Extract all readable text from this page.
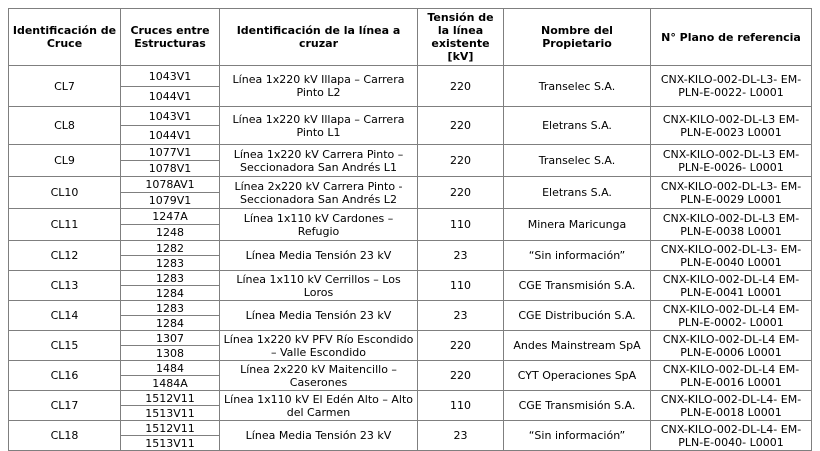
Identificación de Cruce	Cruces entre Estructuras	Identificación de la línea a cruzar	Tensión de la línea existente [kV]	Nombre del Propietario	N° Plano de referencia
CL7	1043V1	Línea 1x220 kV Illapa – Carrera Pinto L2	220	Transelec S.A.	CNX-KILO-002-DL-L3- EM-PLN-E-0022- L0001
	1044V1				
CL8	1043V1	Línea 1x220 kV Illapa – Carrera Pinto L1	220	Eletrans S.A.	CNX-KILO-002-DL-L3 EM-PLN-E-0023 L0001
	1044V1				
CL9	1077V1	Línea 1x220 kV Carrera Pinto – Seccionadora San Andrés L1	220	Transelec S.A.	CNX-KILO-002-DL-L3 EM-PLN-E-0026- L0001
	1078V1				
CL10	1078AV1	Línea 2x220 kV Carrera Pinto - Seccionadora San Andrés L2	220	Eletrans S.A.	CNX-KILO-002-DL-L3- EM-PLN-E-0029 L0001
	1079V1				
CL11	1247A	Línea 1x110 kV Cardones – Refugio	110	Minera Maricunga	CNX-KILO-002-DL-L3 EM-PLN-E-0038 L0001
	1248				
CL12	1282	Línea Media Tensión 23 kV	23	“Sin información”	CNX-KILO-002-DL-L3- EM-PLN-E-0040 L0001
	1283				
CL13	1283	Línea 1x110 kV Cerrillos – Los Loros	110	CGE Transmisión S.A.	CNX-KILO-002-DL-L4 EM-PLN-E-0041 L0001
	1284				
CL14	1283	Línea Media Tensión 23 kV	23	CGE Distribución S.A.	CNX-KILO-002-DL-L4 EM-PLN-E-0002- L0001
	1284				
CL15	1307	Línea 1x220 kV PFV Río Escondido – Valle Escondido	220	Andes Mainstream SpA	CNX-KILO-002-DL-L4 EM-PLN-E-0006 L0001
	1308				
CL16	1484	Línea 2x220 kV Maitencillo – Caserones	220	CYT Operaciones SpA	CNX-KILO-002-DL-L4 EM-PLN-E-0016 L0001
	1484A				
CL17	1512V11	Línea 1x110 kV El Edén Alto – Alto del Carmen	110	CGE Transmisión S.A.	CNX-KILO-002-DL-L4- EM-PLN-E-0018 L0001
	1513V11				
CL18	1512V11	Línea Media Tensión 23 kV	23	“Sin información”	CNX-KILO-002-DL-L4- EM-PLN-E-0040- L0001
	1513V11				
